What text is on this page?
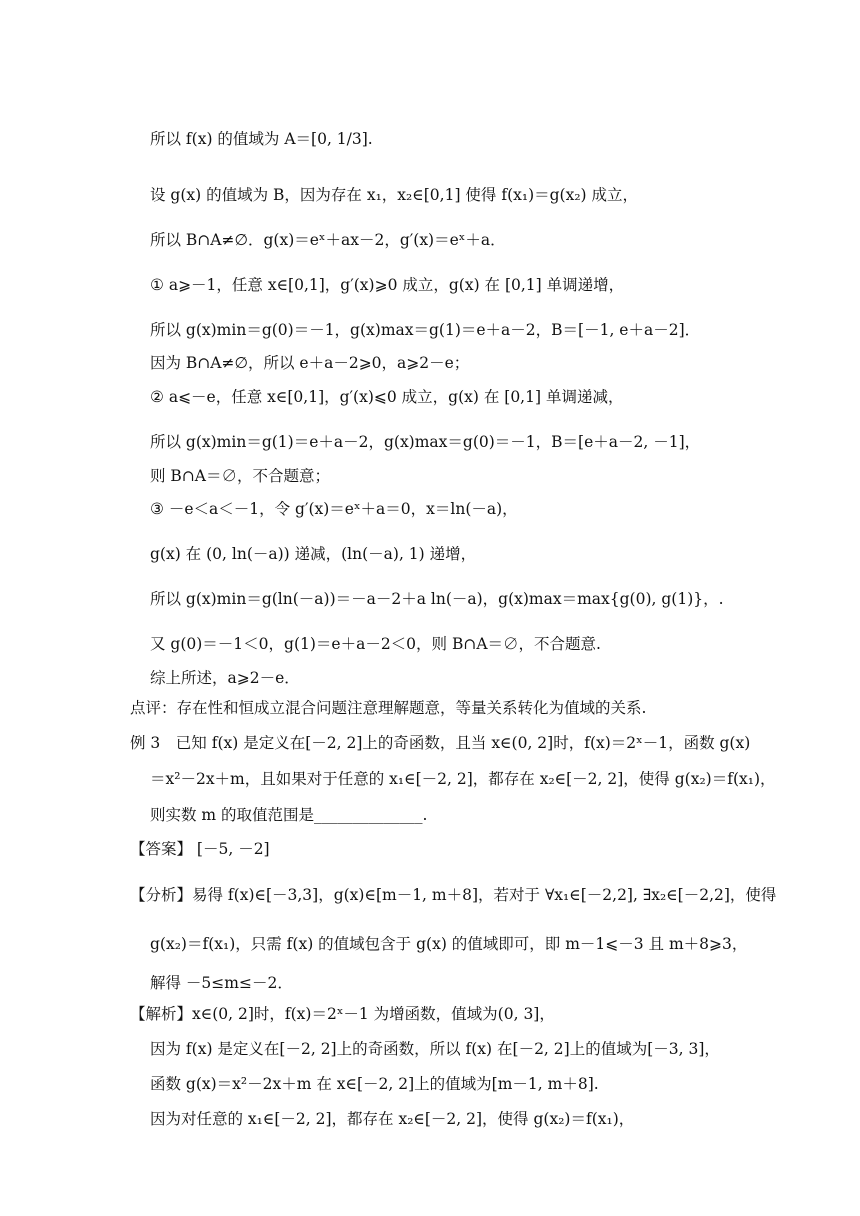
所以 f(x) 的值域为 A＝[0, 1/3].
设 g(x) 的值域为 B，因为存在 x₁，x₂∈[0,1] 使得 f(x₁)＝g(x₂) 成立，
所以 B∩A≠∅．g(x)＝eˣ＋ax－2，g′(x)＝eˣ＋a．
① a⩾－1，任意 x∈[0,1]，g′(x)⩾0 成立，g(x) 在 [0,1] 单调递增，
所以 g(x)min＝g(0)＝－1，g(x)max＝g(1)＝e＋a－2，B＝[－1, e＋a－2]．
因为 B∩A≠∅，所以 e＋a－2⩾0，a⩾2－e；
② a⩽－e，任意 x∈[0,1]，g′(x)⩽0 成立，g(x) 在 [0,1] 单调递减，
所以 g(x)min＝g(1)＝e＋a－2，g(x)max＝g(0)＝－1，B＝[e＋a－2, －1]，
则 B∩A＝∅，不合题意；
③ －e＜a＜－1，令 g′(x)＝eˣ＋a＝0，x＝ln(－a)，
g(x) 在 (0, ln(－a)) 递减，(ln(－a), 1) 递增，
所以 g(x)min＝g(ln(－a))＝－a－2＋a ln(－a)，g(x)max＝max{g(0), g(1)}，.
又 g(0)＝－1＜0，g(1)＝e＋a－2＜0，则 B∩A＝∅，不合题意.
综上所述，a⩾2－e．
点评：存在性和恒成立混合问题注意理解题意，等量关系转化为值域的关系.
例 3　已知 f(x) 是定义在[－2, 2]上的奇函数，且当 x∈(0, 2]时，f(x)＝2ˣ－1，函数 g(x)
＝x²－2x＋m，且如果对于任意的 x₁∈[－2, 2]，都存在 x₂∈[－2, 2]，使得 g(x₂)＝f(x₁)，
则实数 m 的取值范围是______________.
【答案】 [－5, －2]
【分析】易得 f(x)∈[－3,3]，g(x)∈[m－1, m＋8]，若对于 ∀x₁∈[－2,2], ∃x₂∈[－2,2]，使得
g(x₂)＝f(x₁)，只需 f(x) 的值域包含于 g(x) 的值域即可，即 m－1⩽－3 且 m＋8⩾3，
解得 －5≤m≤－2．
【解析】x∈(0, 2]时，f(x)＝2ˣ－1 为增函数，值域为(0, 3]，
因为 f(x) 是定义在[－2, 2]上的奇函数，所以 f(x) 在[－2, 2]上的值域为[－3, 3]，
函数 g(x)＝x²－2x＋m 在 x∈[－2, 2]上的值域为[m－1, m＋8].
因为对任意的 x₁∈[－2, 2]，都存在 x₂∈[－2, 2]，使得 g(x₂)＝f(x₁)，
